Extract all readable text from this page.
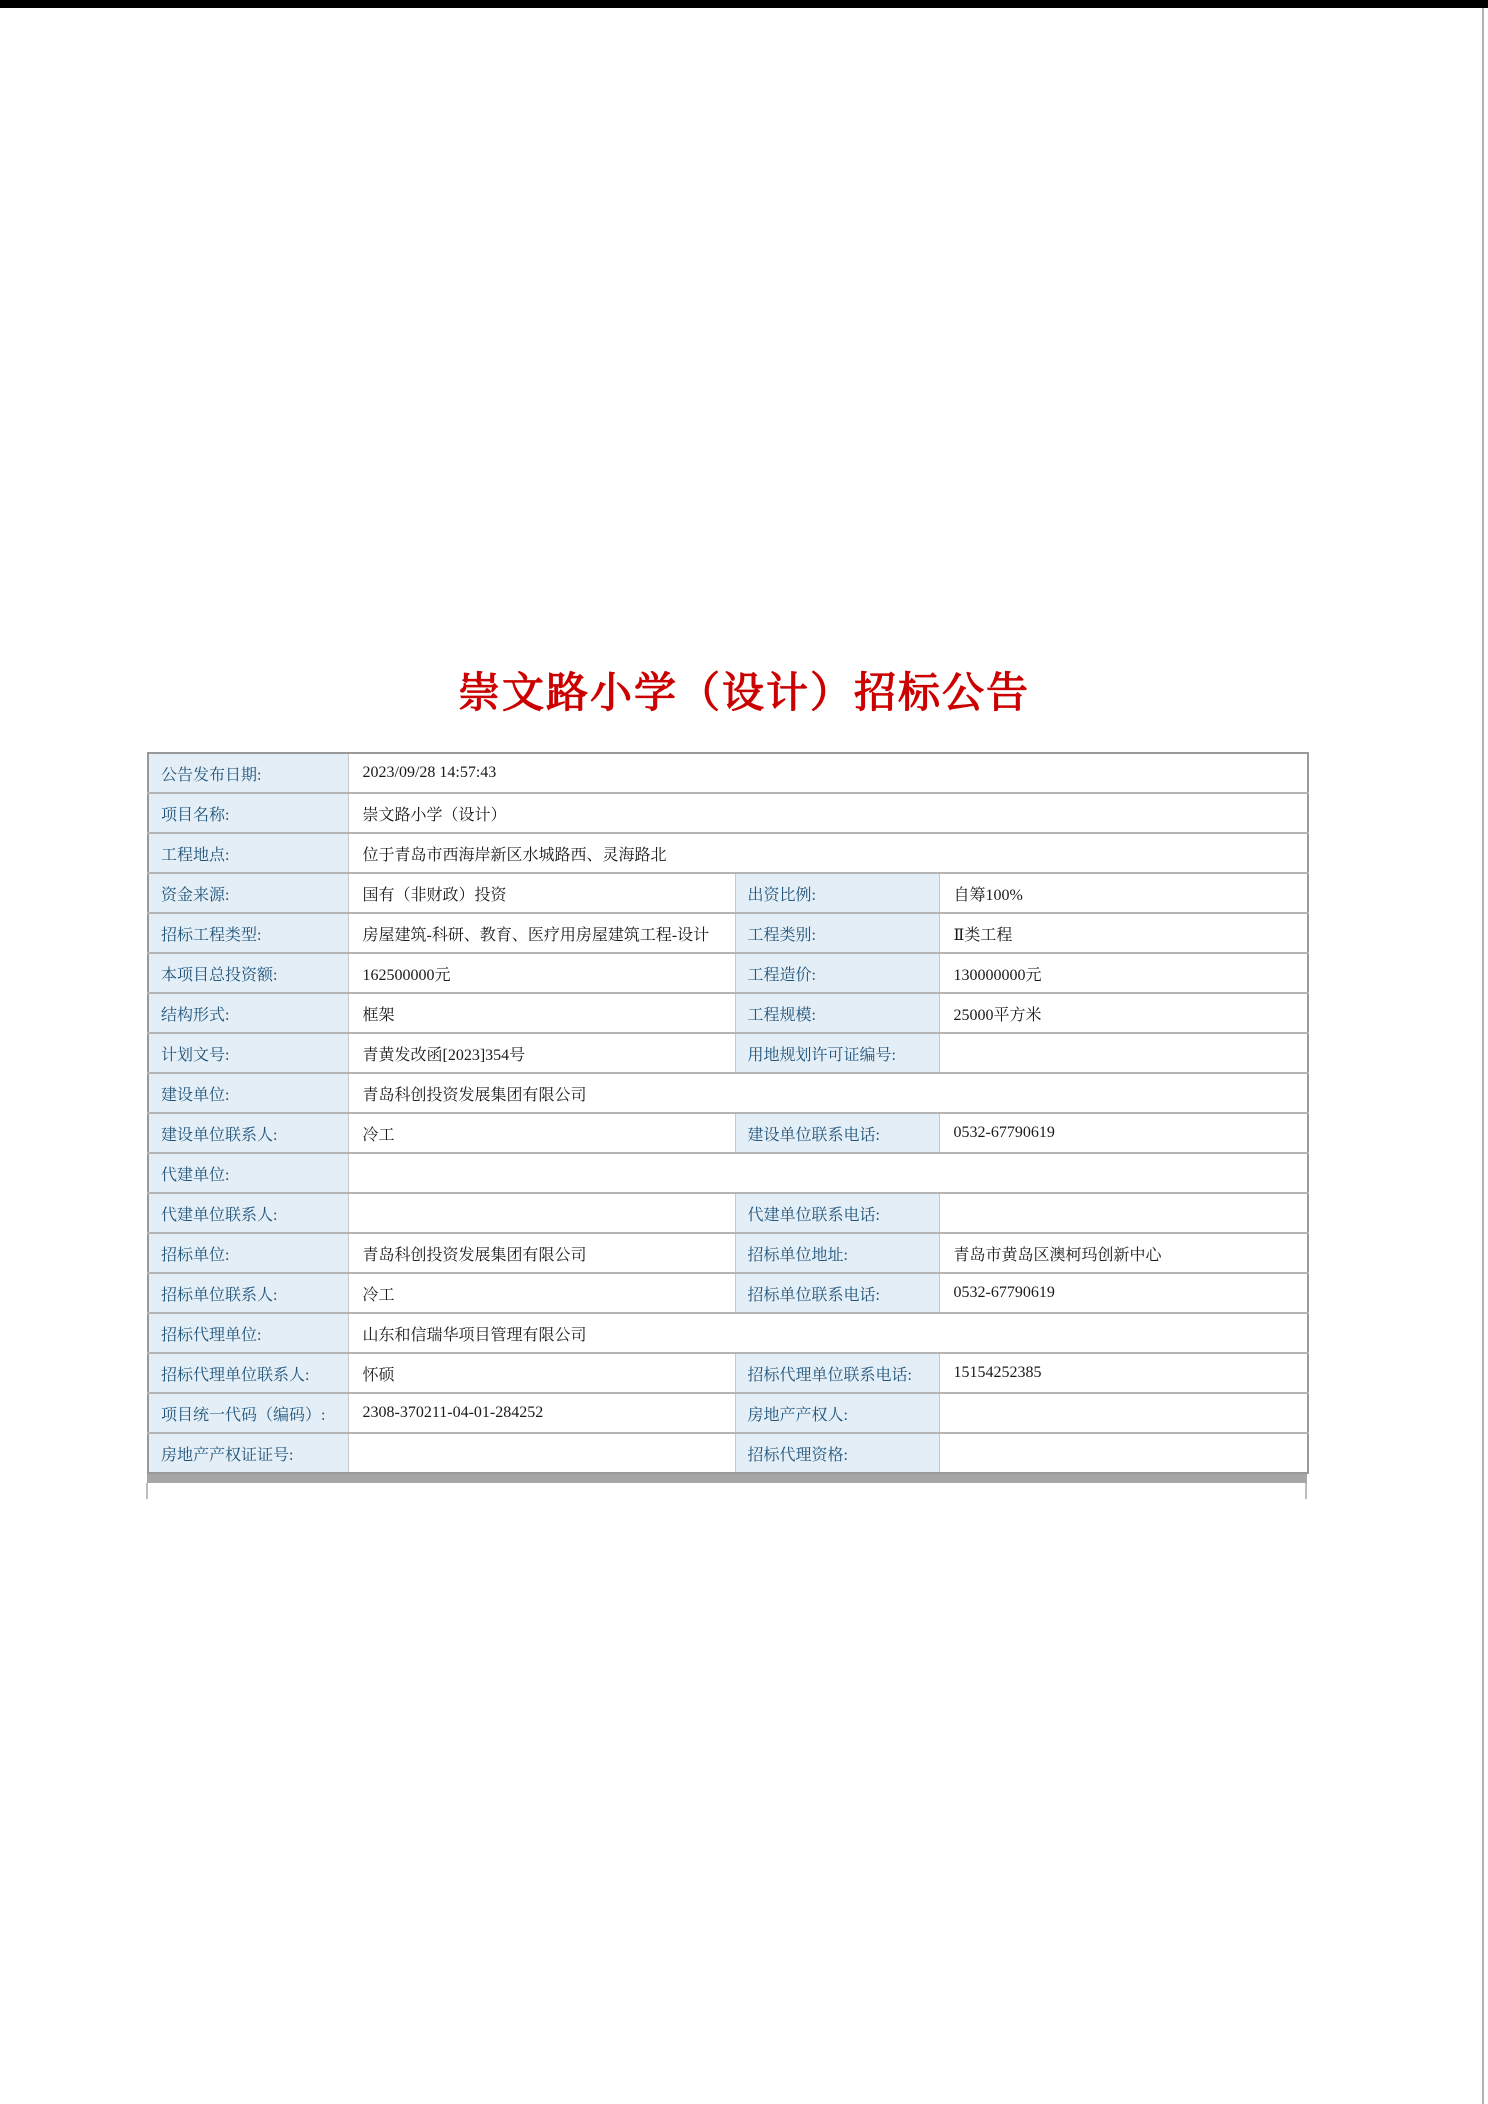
崇文路小学（设计）招标公告
公告发布日期:	2023/09/28 14:57:43		
项目名称:	崇文路小学（设计）		
工程地点:	位于青岛市西海岸新区水城路西、灵海路北		
资金来源:	国有（非财政）投资	出资比例:	自筹100%
招标工程类型:	房屋建筑-科研、教育、医疗用房屋建筑工程-设计	工程类别:	Ⅱ类工程
本项目总投资额:	162500000元	工程造价:	130000000元
结构形式:	框架	工程规模:	25000平方米
计划文号:	青黄发改函[2023]354号	用地规划许可证编号:	
建设单位:	青岛科创投资发展集团有限公司		
建设单位联系人:	冷工	建设单位联系电话:	0532-67790619
代建单位:			
代建单位联系人:		代建单位联系电话:	
招标单位:	青岛科创投资发展集团有限公司	招标单位地址:	青岛市黄岛区澳柯玛创新中心
招标单位联系人:	冷工	招标单位联系电话:	0532-67790619
招标代理单位:	山东和信瑞华项目管理有限公司		
招标代理单位联系人:	怀硕	招标代理单位联系电话:	15154252385
项目统一代码（编码）:	2308-370211-04-01-284252	房地产产权人:	
房地产产权证证号:		招标代理资格:	
